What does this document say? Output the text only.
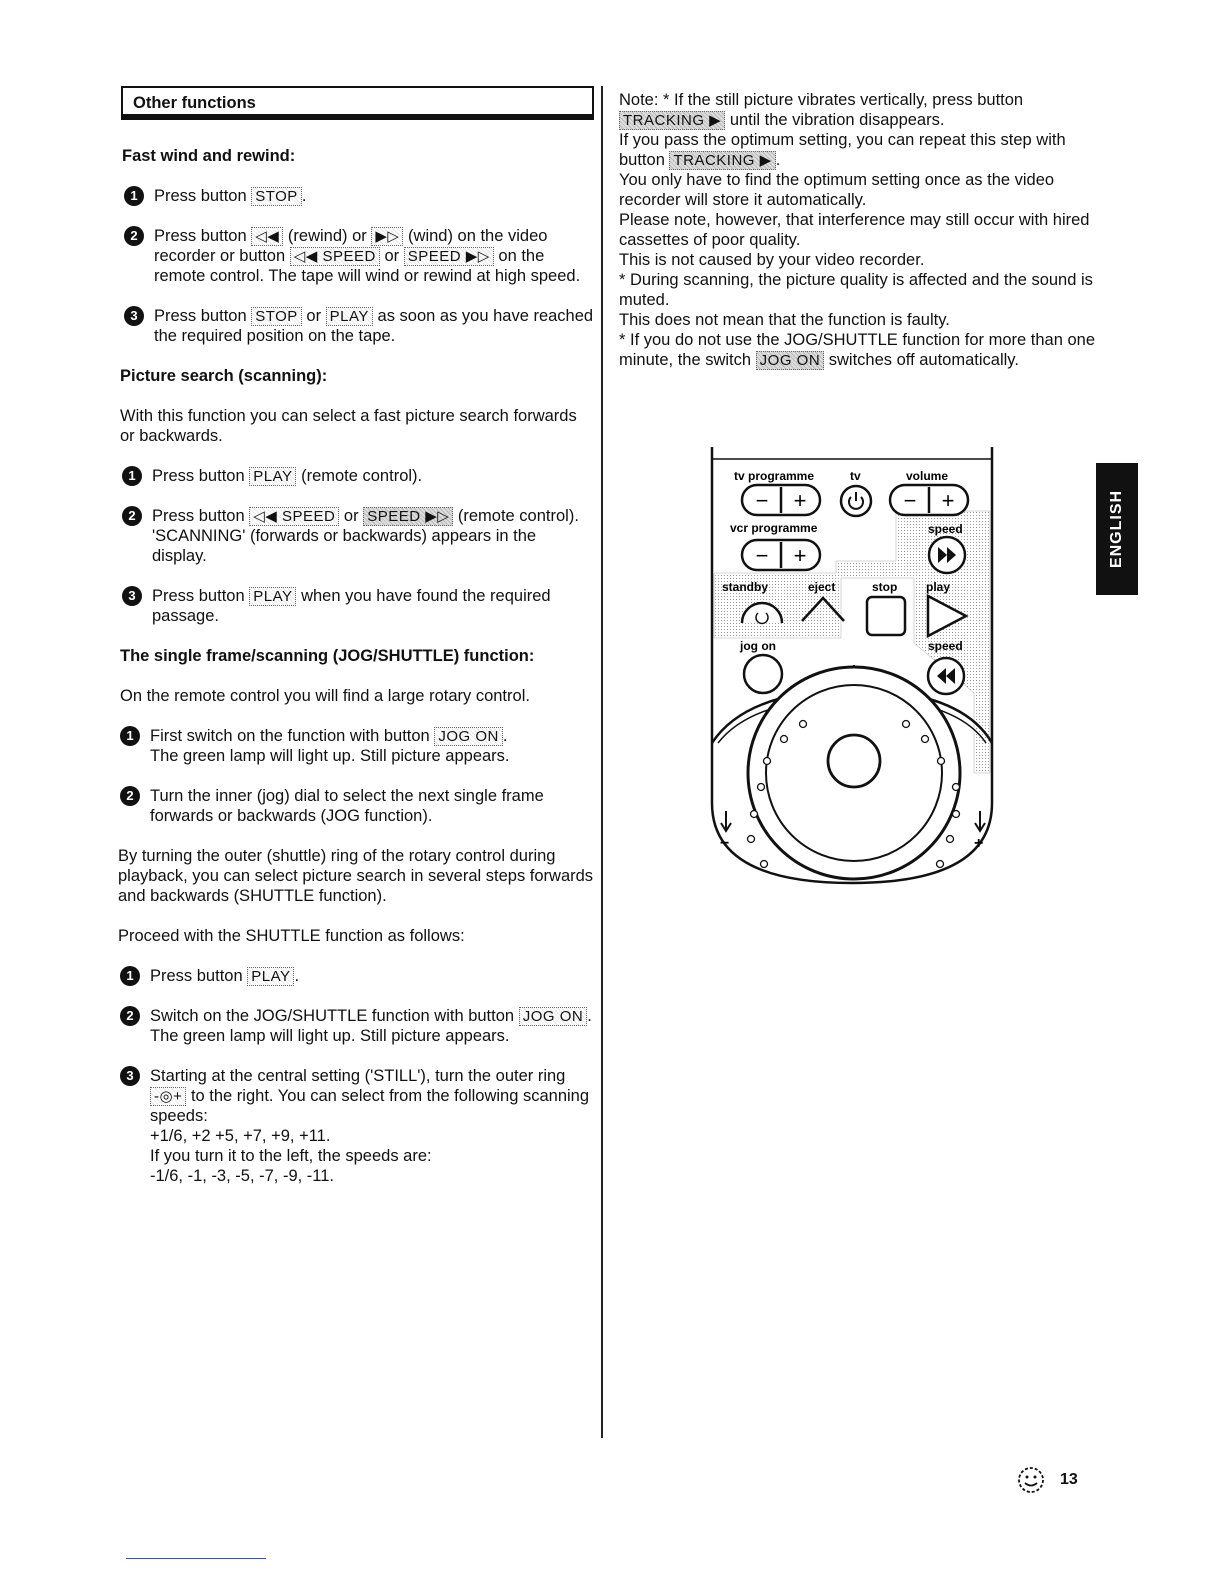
Other functions
Fast wind and rewind:
1 Press button STOP .

2 Press button ◁◀ (rewind) or ▶▷ (wind) on the video recorder or button ◁◀ SPEED or SPEED ▶▷ on the remote control. The tape will wind or rewind at high speed.

3 Press button STOP or PLAY as soon as you have reached the required position on the tape.

Picture search (scanning):

With this function you can select a fast picture search forwards or backwards.

1 Press button PLAY (remote control).

2 Press button ◁◀ SPEED or SPEED ▶▷ (remote control).
'SCANNING' (forwards or backwards) appears in the display.

3 Press button PLAY when you have found the required passage.

The single frame/scanning (JOG/SHUTTLE) function:

On the remote control you will find a large rotary control.

1 First switch on the function with button JOG ON .
The green lamp will light up. Still picture appears.

2 Turn the inner (jog) dial to select the next single frame forwards or backwards (JOG function).

By turning the outer (shuttle) ring of the rotary control during playback, you can select picture search in several steps forwards and backwards (SHUTTLE function).

Proceed with the SHUTTLE function as follows:

1 Press button PLAY .

2 Switch on the JOG/SHUTTLE function with button JOG ON . The green lamp will light up. Still picture appears.

3 Starting at the central setting ('STILL'), turn the outer ring -◎+ to the right. You can select from the following scanning speeds:
+1/6, +2 +5, +7, +9, +11.
If you turn it to the left, the speeds are:
-1/6, -1, -3, -5, -7, -9, -11.

Note: * If the still picture vibrates vertically, press button TRACKING ▶ until the vibration disappears.

If you pass the optimum setting, you can repeat this step with button TRACKING ▶ .

You only have to find the optimum setting once as the video recorder will store it automatically.

Please note, however, that interference may still occur with hired cassettes of poor quality.

This is not caused by your video recorder.

* During scanning, the picture quality is affected and the sound is muted.

This does not mean that the function is faulty.

* If you do not use the JOG/SHUTTLE function for more than one minute, the switch JOG ON switches off automatically.

tv programme	tv	volume
− +	− +
vcr programme	speed
− +
standby	eject	stop play
jog on	speed
−	+
ENGLISH
13
